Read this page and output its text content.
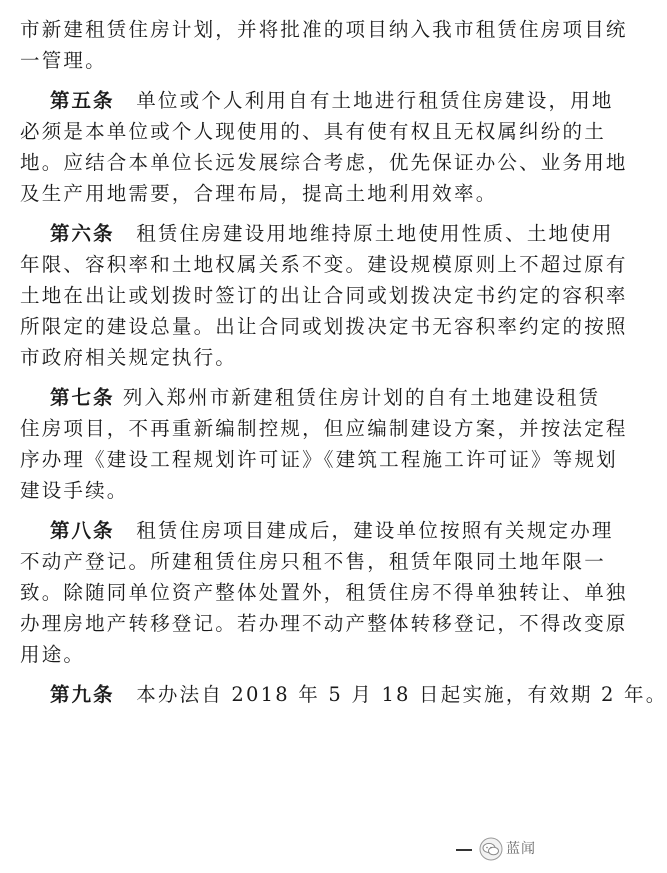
市新建租赁住房计划，并将批准的项目纳入我市租赁住房项目统
一管理。
第五条　 单位或个人利用自有土地进行租赁住房建设，用地
必须是本单位或个人现使用的、具有使有权且无权属纠纷的土
地。应结合本单位长远发展综合考虑，优先保证办公、业务用地
及生产用地需要，合理布局，提高土地利用效率。
第六条　 租赁住房建设用地维持原土地使用性质、土地使用
年限、容积率和土地权属关系不变。建设规模原则上不超过原有
土地在出让或划拨时签订的出让合同或划拨决定书约定的容积率
所限定的建设总量。出让合同或划拨决定书无容积率约定的按照
市政府相关规定执行。
第七条 列入郑州市新建租赁住房计划的自有土地建设租赁
住房项目，不再重新编制控规，但应编制建设方案，并按法定程
序办理《建设工程规划许可证》《建筑工程施工许可证》等规划
建设手续。
第八条　 租赁住房项目建成后，建设单位按照有关规定办理
不动产登记。所建租赁住房只租不售，租赁年限同土地年限一
致。除随同单位资产整体处置外，租赁住房不得单独转让、单独
办理房地产转移登记。若办理不动产整体转移登记，不得改变原
用途。
第九条　 本办法自 2018 年 5 月 18 日起实施，有效期 2 年。
蓝闻
